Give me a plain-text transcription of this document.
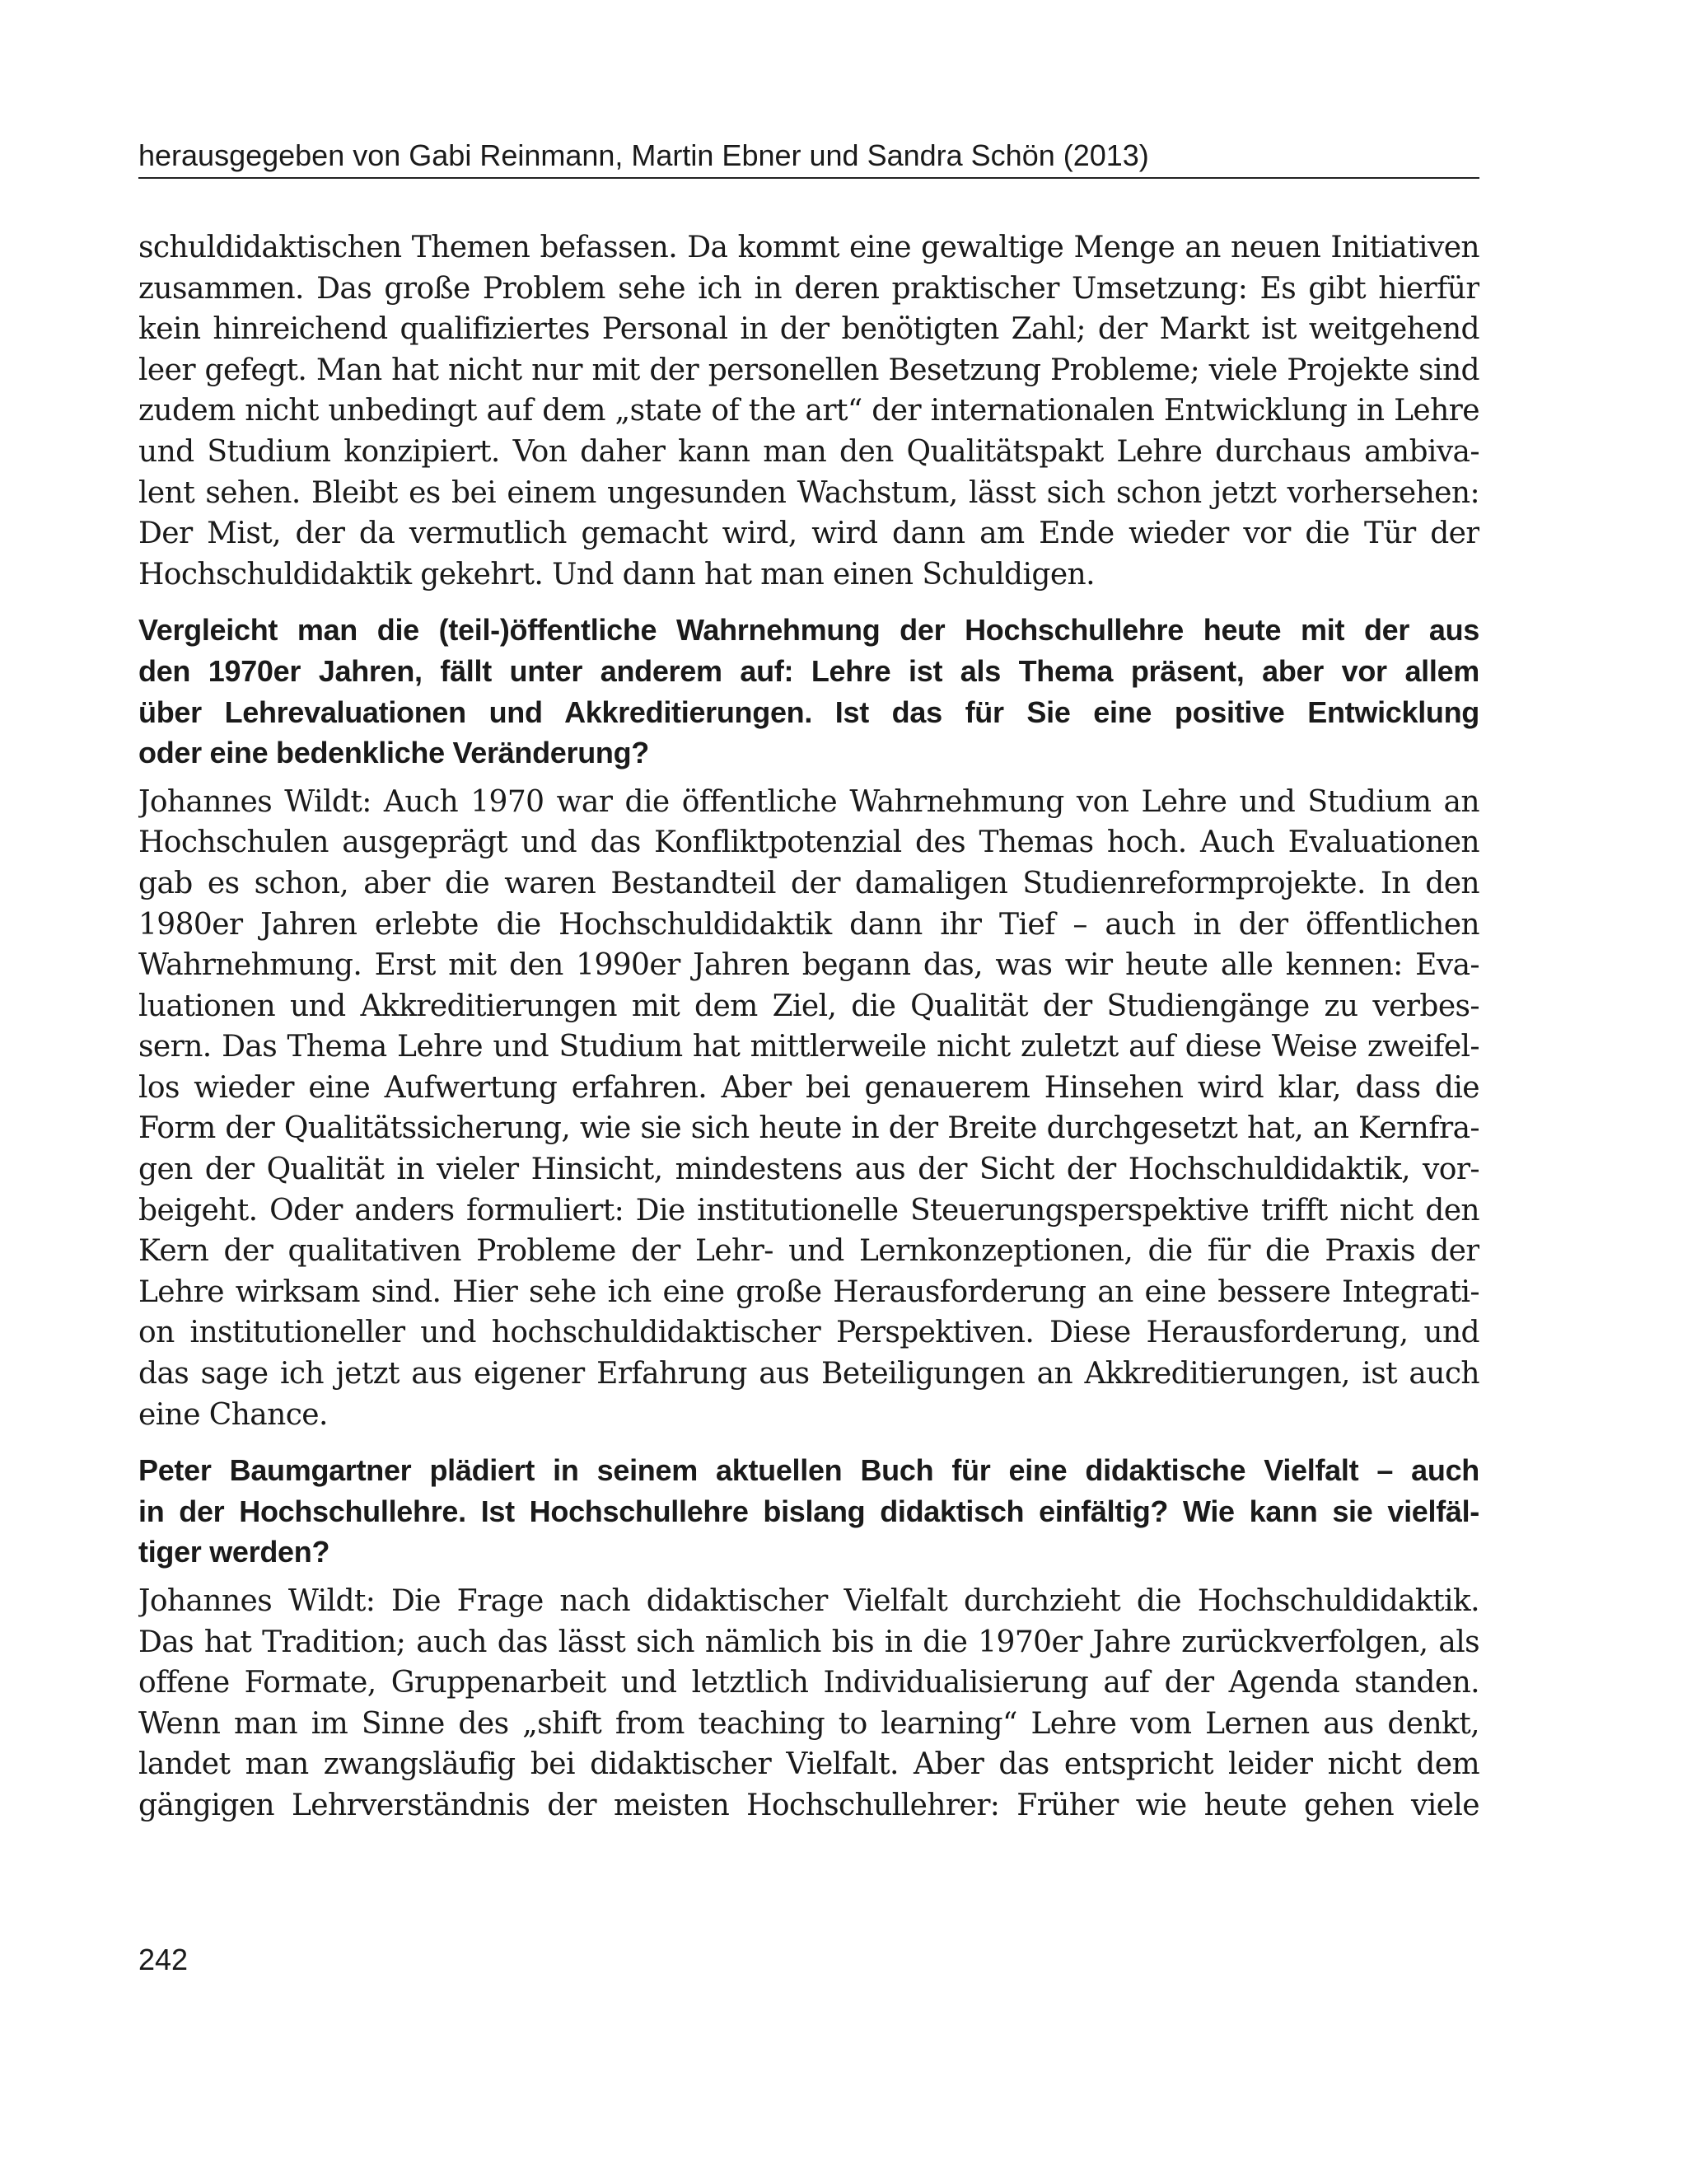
herausgegeben von Gabi Reinmann, Martin Ebner und Sandra Schön (2013)

schuldidaktischen Themen befassen. Da kommt eine gewaltige Menge an neuen Initiativen
zusammen. Das große Problem sehe ich in deren praktischer Umsetzung: Es gibt hierfür
kein hinreichend qualifiziertes Personal in der benötigten Zahl; der Markt ist weitgehend
leer gefegt. Man hat nicht nur mit der personellen Besetzung Probleme; viele Projekte sind
zudem nicht unbedingt auf dem „state of the art“ der internationalen Entwicklung in Lehre
und Studium konzipiert. Von daher kann man den Qualitätspakt Lehre durchaus ambiva-
lent sehen. Bleibt es bei einem ungesunden Wachstum, lässt sich schon jetzt vorhersehen:
Der Mist, der da vermutlich gemacht wird, wird dann am Ende wieder vor die Tür der
Hochschuldidaktik gekehrt. Und dann hat man einen Schuldigen.

Vergleicht man die (teil-)öffentliche Wahrnehmung der Hochschullehre heute mit der aus
den 1970er Jahren, fällt unter anderem auf: Lehre ist als Thema präsent, aber vor allem
über Lehrevaluationen und Akkreditierungen. Ist das für Sie eine positive Entwicklung
oder eine bedenkliche Veränderung?

Johannes Wildt: Auch 1970 war die öffentliche Wahrnehmung von Lehre und Studium an
Hochschulen ausgeprägt und das Konfliktpotenzial des Themas hoch. Auch Evaluationen
gab es schon, aber die waren Bestandteil der damaligen Studienreformprojekte. In den
1980er Jahren erlebte die Hochschuldidaktik dann ihr Tief – auch in der öffentlichen
Wahrnehmung. Erst mit den 1990er Jahren begann das, was wir heute alle kennen: Eva-
luationen und Akkreditierungen mit dem Ziel, die Qualität der Studiengänge zu verbes-
sern. Das Thema Lehre und Studium hat mittlerweile nicht zuletzt auf diese Weise zweifel-
los wieder eine Aufwertung erfahren. Aber bei genauerem Hinsehen wird klar, dass die
Form der Qualitätssicherung, wie sie sich heute in der Breite durchgesetzt hat, an Kernfra-
gen der Qualität in vieler Hinsicht, mindestens aus der Sicht der Hochschuldidaktik, vor-
beigeht. Oder anders formuliert: Die institutionelle Steuerungsperspektive trifft nicht den
Kern der qualitativen Probleme der Lehr- und Lernkonzeptionen, die für die Praxis der
Lehre wirksam sind. Hier sehe ich eine große Herausforderung an eine bessere Integrati-
on institutioneller und hochschuldidaktischer Perspektiven. Diese Herausforderung, und
das sage ich jetzt aus eigener Erfahrung aus Beteiligungen an Akkreditierungen, ist auch
eine Chance.

Peter Baumgartner plädiert in seinem aktuellen Buch für eine didaktische Vielfalt – auch
in der Hochschullehre. Ist Hochschullehre bislang didaktisch einfältig? Wie kann sie vielfäl-
tiger werden?

Johannes Wildt: Die Frage nach didaktischer Vielfalt durchzieht die Hochschuldidaktik.
Das hat Tradition; auch das lässt sich nämlich bis in die 1970er Jahre zurückverfolgen, als
offene Formate, Gruppenarbeit und letztlich Individualisierung auf der Agenda standen.
Wenn man im Sinne des „shift from teaching to learning“ Lehre vom Lernen aus denkt,
landet man zwangsläufig bei didaktischer Vielfalt. Aber das entspricht leider nicht dem
gängigen Lehrverständnis der meisten Hochschullehrer: Früher wie heute gehen viele

242
